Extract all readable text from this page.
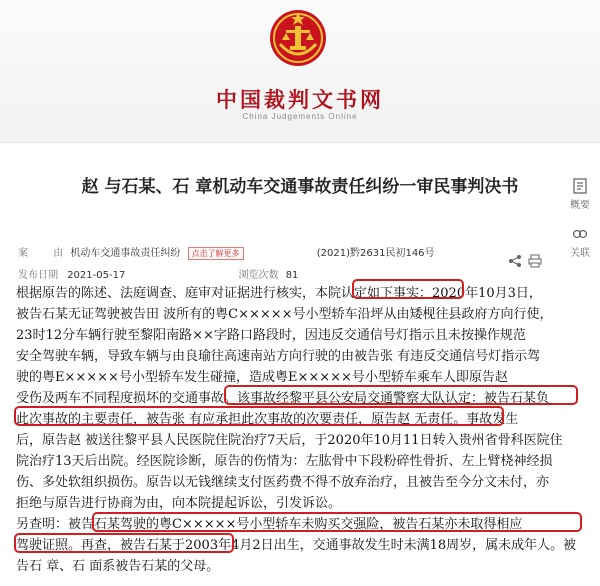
中国裁判文书网
China Judgements Online
赵 与石某、石 章机动车交通事故责任纠纷一审民事判决书
概要
关联
案	由 机动车交通事故责任纠纷 点击了解更多	(2021)黔2631民初146号
发布日期 2021-05-17	浏览次数 81
根据原告的陈述、法庭调查、庭审对证据进行核实，本院认定如下事实：2020年10月3日，
被告石某无证驾驶被告田 波所有的粤C×××××号小型轿车沿坪从由矮枧往县政府方向行使，
23时12分车辆行驶至黎阳南路××字路口路段时，因违反交通信号灯指示且未按操作规范
安全驾驶车辆，导致车辆与由良瑜往高速南站方向行驶的由被告张 有违反交通信号灯指示驾
驶的粤E×××××号小型轿车发生碰撞，造成粤E×××××号小型轿车乘车人即原告赵
受伤及两车不同程度损坏的交通事故。该事故经黎平县公安局交通警察大队认定：被告石某负
此次事故的主要责任，被告张 有应承担此次事故的次要责任，原告赵 无责任。事故发生
后，原告赵 被送往黎平县人民医院住院治疗7天后，于2020年10月11日转入贵州省骨科医院住
院治疗13天后出院。经医院诊断，原告的伤情为：左肱骨中下段粉碎性骨折、左上臂桡神经损
伤、多处软组织损伤。原告以无钱继续支付医药费不得不放弃治疗，且被告至今分文未付，亦
拒绝与原告进行协商为由，向本院提起诉讼，引发诉讼。
另查明：被告石某驾驶的粤C×××××号小型轿车未购买交强险，被告石某亦未取得相应
驾驶证照。再查，被告石某于2003年4月2日出生，交通事故发生时未满18周岁，属未成年人。被
告石 章、石 面系被告石某的父母。
